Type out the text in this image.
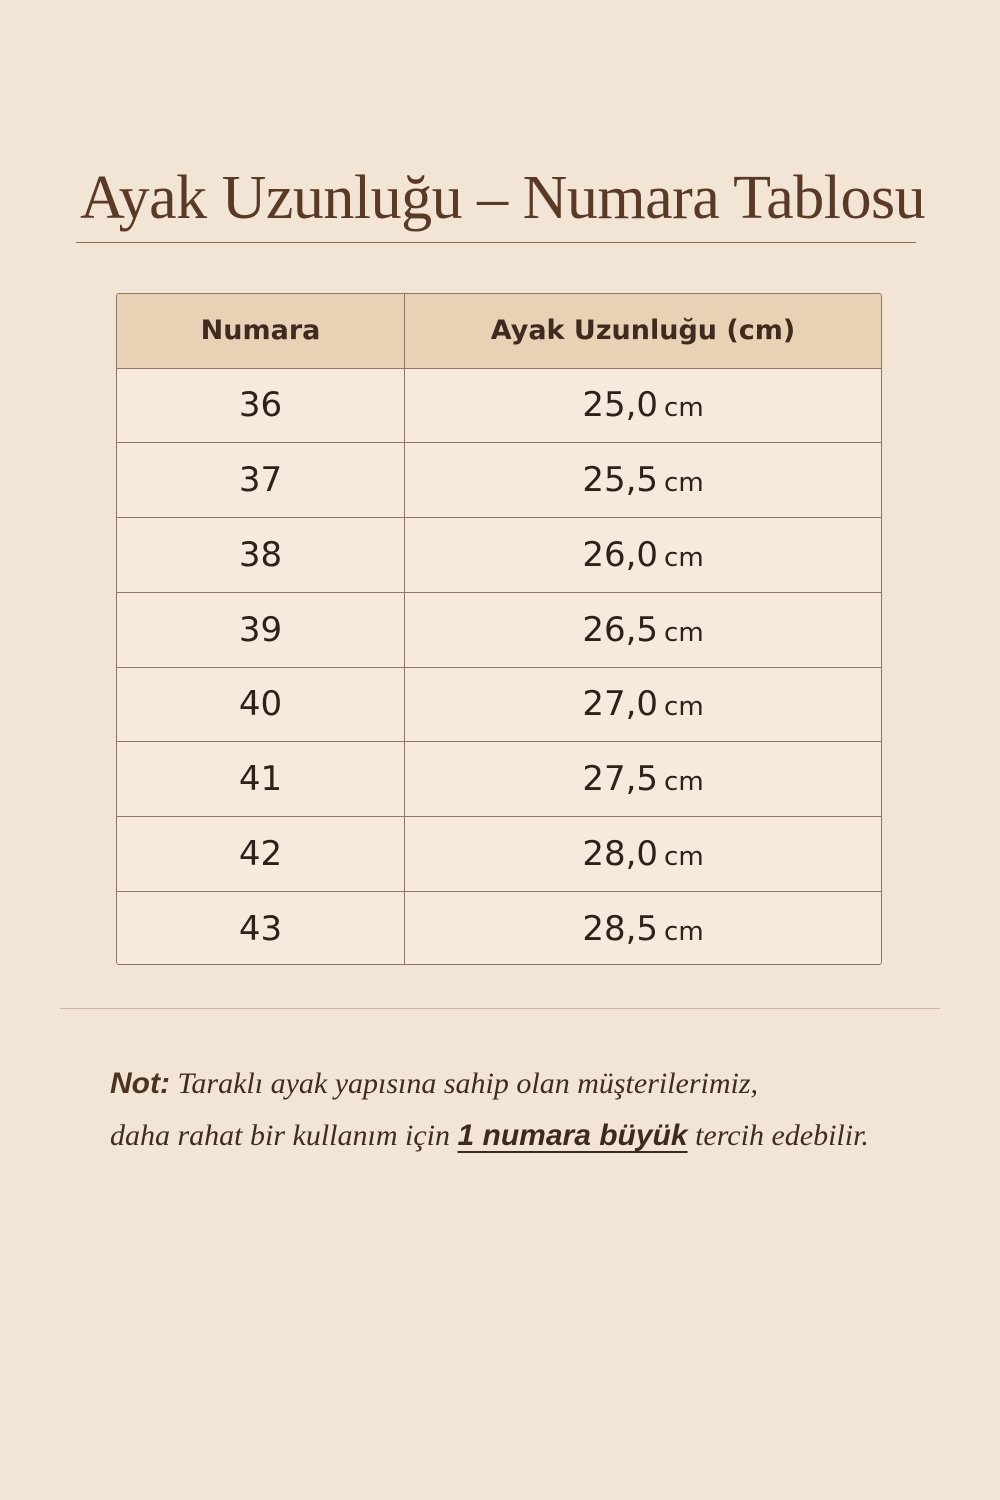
Ayak Uzunluğu – Numara Tablosu
Numara	Ayak Uzunluğu (cm)
36	25,0 cm
37	25,5 cm
38	26,0 cm
39	26,5 cm
40	27,0 cm
41	27,5 cm
42	28,0 cm
43	28,5 cm
Not: Taraklı ayak yapısına sahip olan müşterilerimiz,
daha rahat bir kullanım için 1 numara büyük tercih edebilir.
